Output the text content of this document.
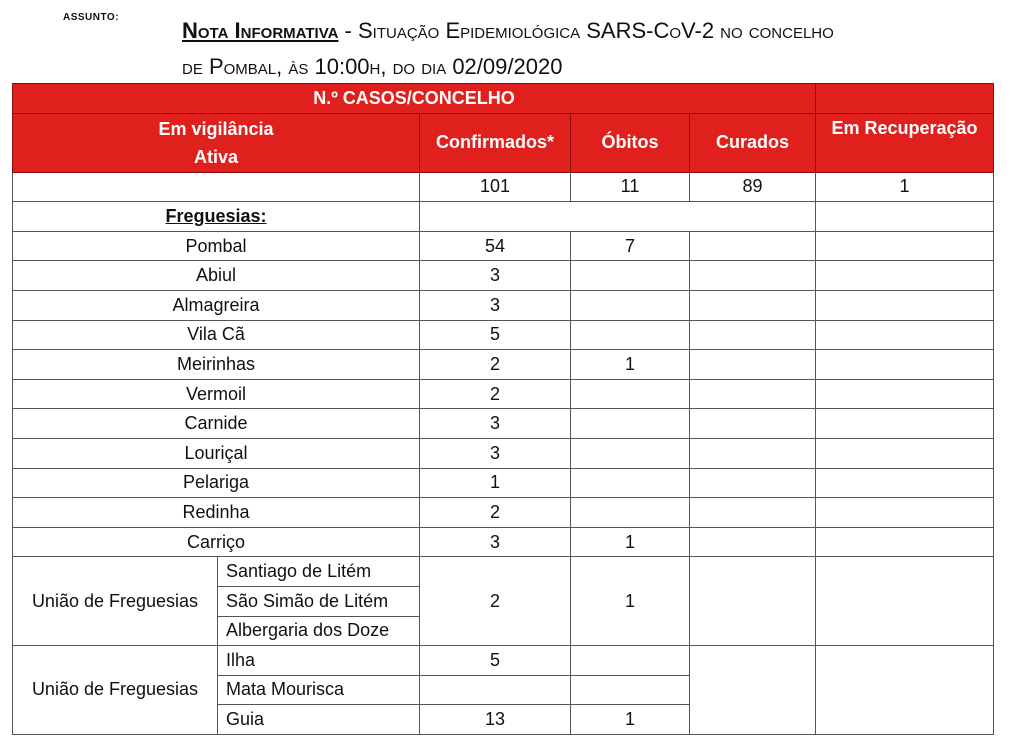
ASSUNTO:
Nota Informativa - Situação Epidemiológica SARS-CoV-2 no concelho
de Pombal, às 10:00h, do dia 02/09/2020
N.º CASOS/CONCELHO					

Em vigilância
Ativa		Confirmados*	Óbitos	Curados	Em Recuperação
		101	11	89	1
Freguesias:					
Pombal		54	7		
Abiul		3			
Almagreira		3			
Vila Cã		5			
Meirinhas		2	1		
Vermoil		2			
Carnide		3			
Louriçal		3			
Pelariga		1			
Redinha		2			
Carriço		3	1		
União de Freguesias	Santiago de Litém	2	1		
	São Simão de Litém				
	Albergaria dos Doze				
União de Freguesias	Ilha	5			
	Mata Mourisca				
	Guia	13	1		
